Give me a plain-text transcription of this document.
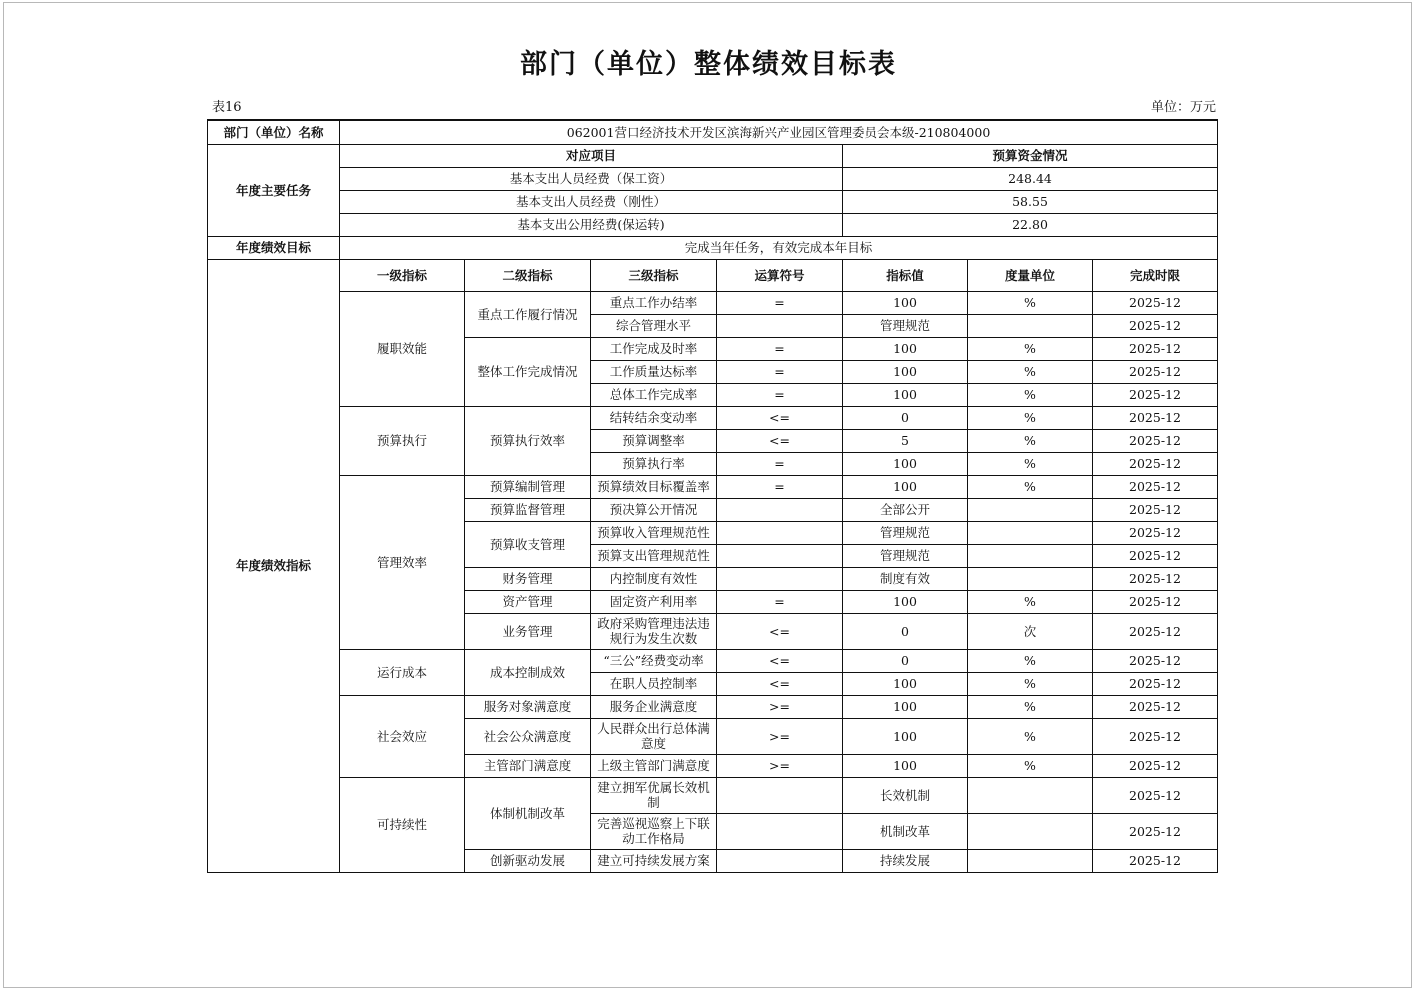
部门（单位）整体绩效目标表
表16	单位：万元
部门（单位）名称	062001营口经济技术开发区滨海新兴产业园区管理委员会本级-210804000						
年度主要任务	对应项目				预算资金情况		
	基本支出人员经费（保工资）				248.44		
	基本支出人员经费（刚性）				58.55		
	基本支出公用经费(保运转)				22.80		
年度绩效目标	完成当年任务，有效完成本年目标						
年度绩效指标	一级指标	二级指标	三级指标	运算符号	指标值	度量单位	完成时限
	履职效能	重点工作履行情况	重点工作办结率	=	100	%	2025-12
			综合管理水平		管理规范		2025-12
		整体工作完成情况	工作完成及时率	=	100	%	2025-12
			工作质量达标率	=	100	%	2025-12
			总体工作完成率	=	100	%	2025-12
	预算执行	预算执行效率	结转结余变动率	<=	0	%	2025-12
			预算调整率	<=	5	%	2025-12
			预算执行率	=	100	%	2025-12
	管理效率	预算编制管理	预算绩效目标覆盖率	=	100	%	2025-12
		预算监督管理	预决算公开情况		全部公开		2025-12
		预算收支管理	预算收入管理规范性		管理规范		2025-12
			预算支出管理规范性		管理规范		2025-12
		财务管理	内控制度有效性		制度有效		2025-12
		资产管理	固定资产利用率	=	100	%	2025-12
		业务管理	政府采购管理违法违规行为发生次数	<=	0	次	2025-12
	运行成本	成本控制成效	“三公”经费变动率	<=	0	%	2025-12
			在职人员控制率	<=	100	%	2025-12
	社会效应	服务对象满意度	服务企业满意度	>=	100	%	2025-12
		社会公众满意度	人民群众出行总体满意度	>=	100	%	2025-12
		主管部门满意度	上级主管部门满意度	>=	100	%	2025-12
	可持续性	体制机制改革	建立拥军优属长效机制		长效机制		2025-12
			完善巡视巡察上下联动工作格局		机制改革		2025-12
		创新驱动发展	建立可持续发展方案		持续发展		2025-12
